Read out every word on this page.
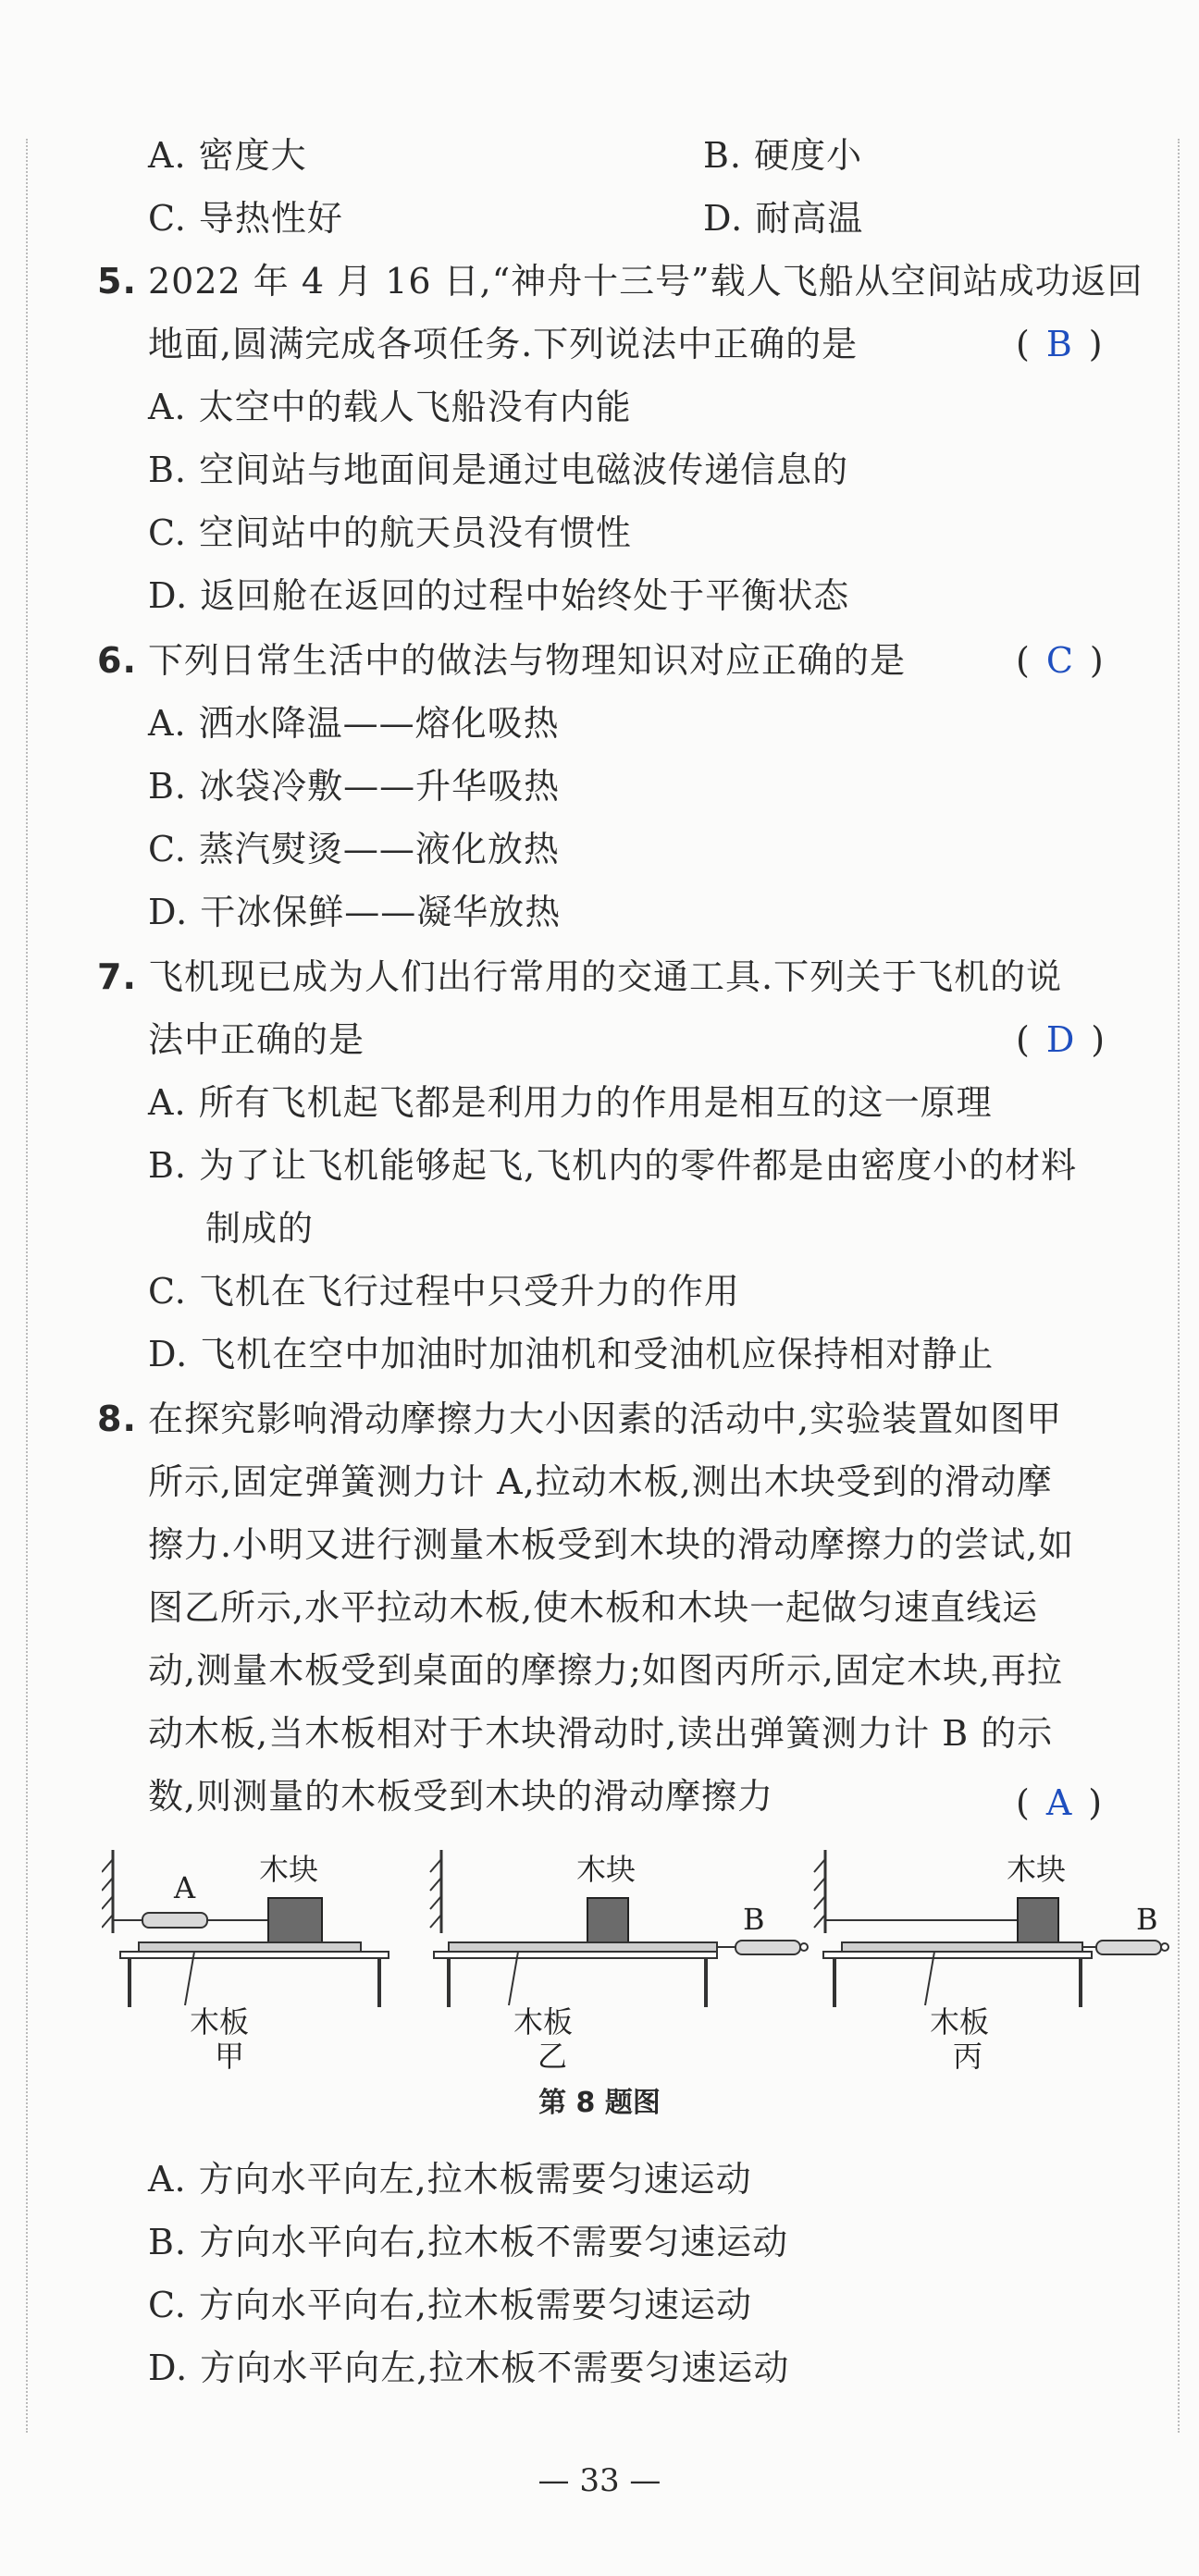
A. 密度大	B. 硬度小
C. 导热性好	D. 耐高温
5. 2022 年 4 月 16 日,“神舟十三号”载人飞船从空间站成功返回
地面,圆满完成各项任务.下列说法中正确的是	( B )
A. 太空中的载人飞船没有内能
B. 空间站与地面间是通过电磁波传递信息的
C. 空间站中的航天员没有惯性
D. 返回舱在返回的过程中始终处于平衡状态
6. 下列日常生活中的做法与物理知识对应正确的是	( C )
A. 洒水降温——熔化吸热
B. 冰袋冷敷——升华吸热
C. 蒸汽熨烫——液化放热
D. 干冰保鲜——凝华放热
7. 飞机现已成为人们出行常用的交通工具.下列关于飞机的说
法中正确的是	( D )
A. 所有飞机起飞都是利用力的作用是相互的这一原理
B. 为了让飞机能够起飞,飞机内的零件都是由密度小的材料
制成的
C. 飞机在飞行过程中只受升力的作用
D. 飞机在空中加油时加油机和受油机应保持相对静止
8. 在探究影响滑动摩擦力大小因素的活动中,实验装置如图甲
所示,固定弹簧测力计 A,拉动木板,测出木块受到的滑动摩
擦力.小明又进行测量木板受到木块的滑动摩擦力的尝试,如
图乙所示,水平拉动木板,使木板和木块一起做匀速直线运
动,测量木板受到桌面的摩擦力;如图丙所示,固定木块,再拉
动木板,当木板相对于木块滑动时,读出弹簧测力计 B 的示
数,则测量的木板受到木块的滑动摩擦力	( A )
A
木块
木板
甲
木块
B
木板
乙
木块
B
木板
丙
第 8 题图
A. 方向水平向左,拉木板需要匀速运动
B. 方向水平向右,拉木板不需要匀速运动
C. 方向水平向右,拉木板需要匀速运动
D. 方向水平向左,拉木板不需要匀速运动
— 33 —
